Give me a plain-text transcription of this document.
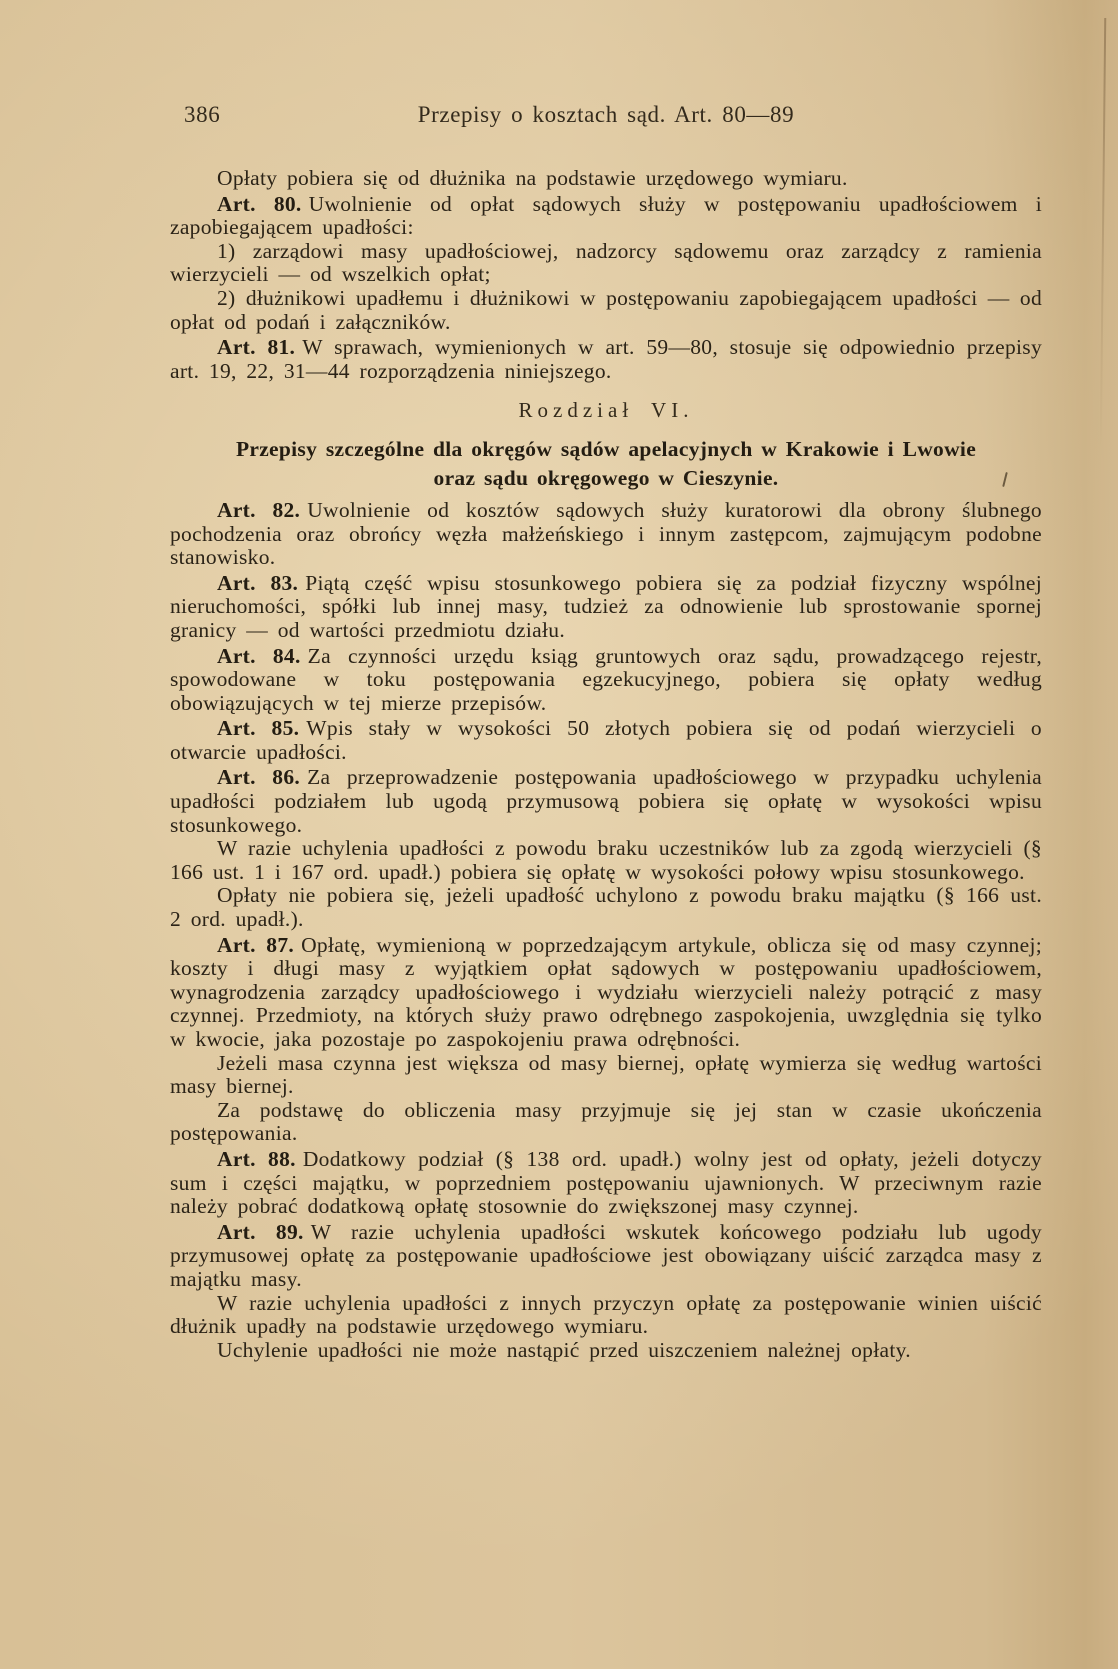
386	Przepisy o kosztach sąd. Art. 80—89

Opłaty pobiera się od dłużnika na podstawie urzędowego wymiaru.

Art. 80. Uwolnienie od opłat sądowych służy w postępowaniu upadłościowem i zapobiegającem upadłości:

1) zarządowi masy upadłościowej, nadzorcy sądowemu oraz zarządcy z ramienia wierzycieli — od wszelkich opłat;

2) dłużnikowi upadłemu i dłużnikowi w postępowaniu zapobiegającem upadłości — od opłat od podań i załączników.

Art. 81. W sprawach, wymienionych w art. 59—80, stosuje się odpowiednio przepisy art. 19, 22, 31—44 rozporządzenia niniejszego.

Rozdział VI.
Przepisy szczególne dla okręgów sądów apelacyjnych w Krakowie i Lwowie
oraz sądu okręgowego w Cieszynie.

Art. 82. Uwolnienie od kosztów sądowych służy kuratorowi dla obrony ślubnego pochodzenia oraz obrońcy węzła małżeńskiego i innym zastępcom, zajmującym podobne stanowisko.

Art. 83. Piątą część wpisu stosunkowego pobiera się za podział fizyczny wspólnej nieruchomości, spółki lub innej masy, tudzież za odnowienie lub sprostowanie spornej granicy — od wartości przedmiotu działu.

Art. 84. Za czynności urzędu ksiąg gruntowych oraz sądu, prowadzącego rejestr, spowodowane w toku postępowania egzekucyjnego, pobiera się opłaty według obowiązujących w tej mierze przepisów.

Art. 85. Wpis stały w wysokości 50 złotych pobiera się od podań wierzycieli o otwarcie upadłości.

Art. 86. Za przeprowadzenie postępowania upadłościowego w przypadku uchylenia upadłości podziałem lub ugodą przymusową pobiera się opłatę w wysokości wpisu stosunkowego.

W razie uchylenia upadłości z powodu braku uczestników lub za zgodą wierzycieli (§ 166 ust. 1 i 167 ord. upadł.) pobiera się opłatę w wysokości połowy wpisu stosunkowego.

Opłaty nie pobiera się, jeżeli upadłość uchylono z powodu braku majątku (§ 166 ust. 2 ord. upadł.).

Art. 87. Opłatę, wymienioną w poprzedzającym artykule, oblicza się od masy czynnej; koszty i długi masy z wyjątkiem opłat sądowych w postępowaniu upadłościowem, wynagrodzenia zarządcy upadłościowego i wydziału wierzycieli należy potrącić z masy czynnej. Przedmioty, na których służy prawo odrębnego zaspokojenia, uwzględnia się tylko w kwocie, jaka pozostaje po zaspokojeniu prawa odrębności.

Jeżeli masa czynna jest większa od masy biernej, opłatę wymierza się według wartości masy biernej.

Za podstawę do obliczenia masy przyjmuje się jej stan w czasie ukończenia postępowania.

Art. 88. Dodatkowy podział (§ 138 ord. upadł.) wolny jest od opłaty, jeżeli dotyczy sum i części majątku, w poprzedniem postępowaniu ujawnionych. W przeciwnym razie należy pobrać dodatkową opłatę stosownie do zwiększonej masy czynnej.

Art. 89. W razie uchylenia upadłości wskutek końcowego podziału lub ugody przymusowej opłatę za postępowanie upadłościowe jest obowiązany uiścić zarządca masy z majątku masy.

W razie uchylenia upadłości z innych przyczyn opłatę za postępowanie winien uiścić dłużnik upadły na podstawie urzędowego wymiaru.

Uchylenie upadłości nie może nastąpić przed uiszczeniem należnej opłaty.
